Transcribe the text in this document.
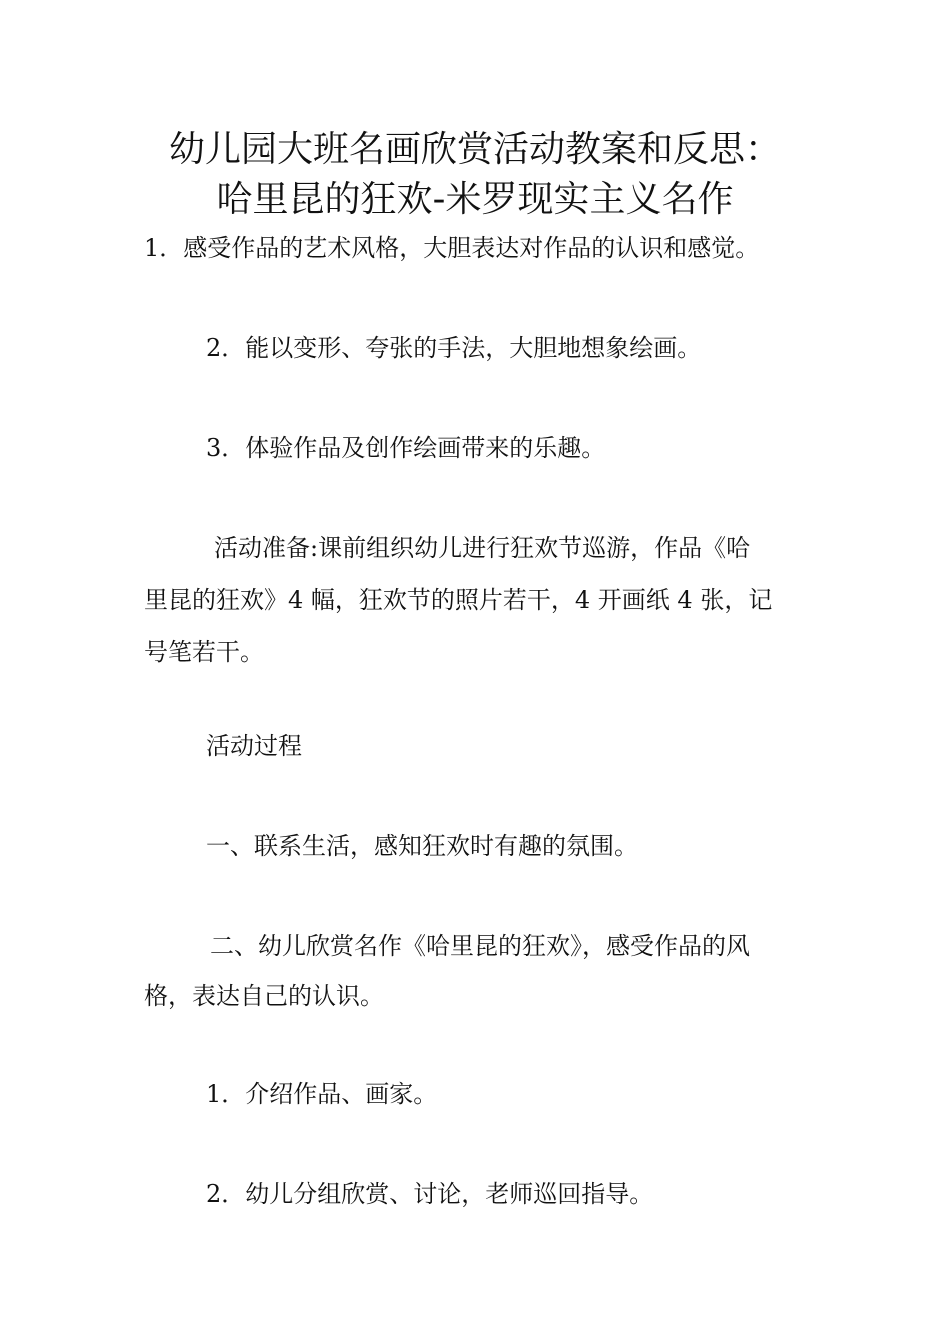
幼儿园大班名画欣赏活动教案和反思：
哈里昆的狂欢-米罗现实主义名作
1．感受作品的艺术风格，大胆表达对作品的认识和感觉。
2．能以变形、夸张的手法，大胆地想象绘画。
3．体验作品及创作绘画带来的乐趣。
活动准备:课前组织幼儿进行狂欢节巡游，作品《哈
里昆的狂欢》4 幅，狂欢节的照片若干，4 开画纸 4 张，记
号笔若干。
活动过程
一、联系生活，感知狂欢时有趣的氛围。
二、幼儿欣赏名作《哈里昆的狂欢》，感受作品的风
格，表达自己的认识。
1．介绍作品、画家。
2．幼儿分组欣赏、讨论，老师巡回指导。
